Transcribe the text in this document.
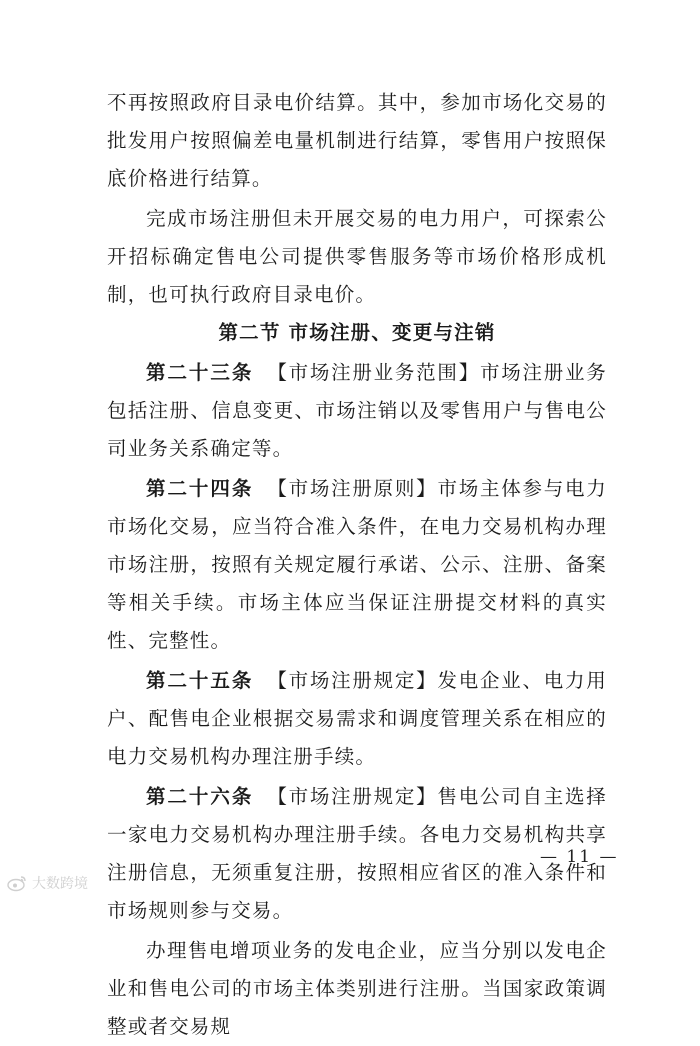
不再按照政府目录电价结算。其中，参加市场化交易的批发用户按照偏差电量机制进行结算，零售用户按照保底价格进行结算。

完成市场注册但未开展交易的电力用户，可探索公开招标确定售电公司提供零售服务等市场价格形成机制，也可执行政府目录电价。

第二节 市场注册、变更与注销

第二十三条 【市场注册业务范围】市场注册业务包括注册、信息变更、市场注销以及零售用户与售电公司业务关系确定等。

第二十四条 【市场注册原则】市场主体参与电力市场化交易，应当符合准入条件，在电力交易机构办理市场注册，按照有关规定履行承诺、公示、注册、备案等相关手续。市场主体应当保证注册提交材料的真实性、完整性。

第二十五条 【市场注册规定】发电企业、电力用户、配售电企业根据交易需求和调度管理关系在相应的电力交易机构办理注册手续。

第二十六条 【市场注册规定】售电公司自主选择一家电力交易机构办理注册手续。各电力交易机构共享注册信息，无须重复注册，按照相应省区的准入条件和市场规则参与交易。

办理售电增项业务的发电企业，应当分别以发电企业和售电公司的市场主体类别进行注册。当国家政策调整或者交易规

— 11 —
大数跨境
